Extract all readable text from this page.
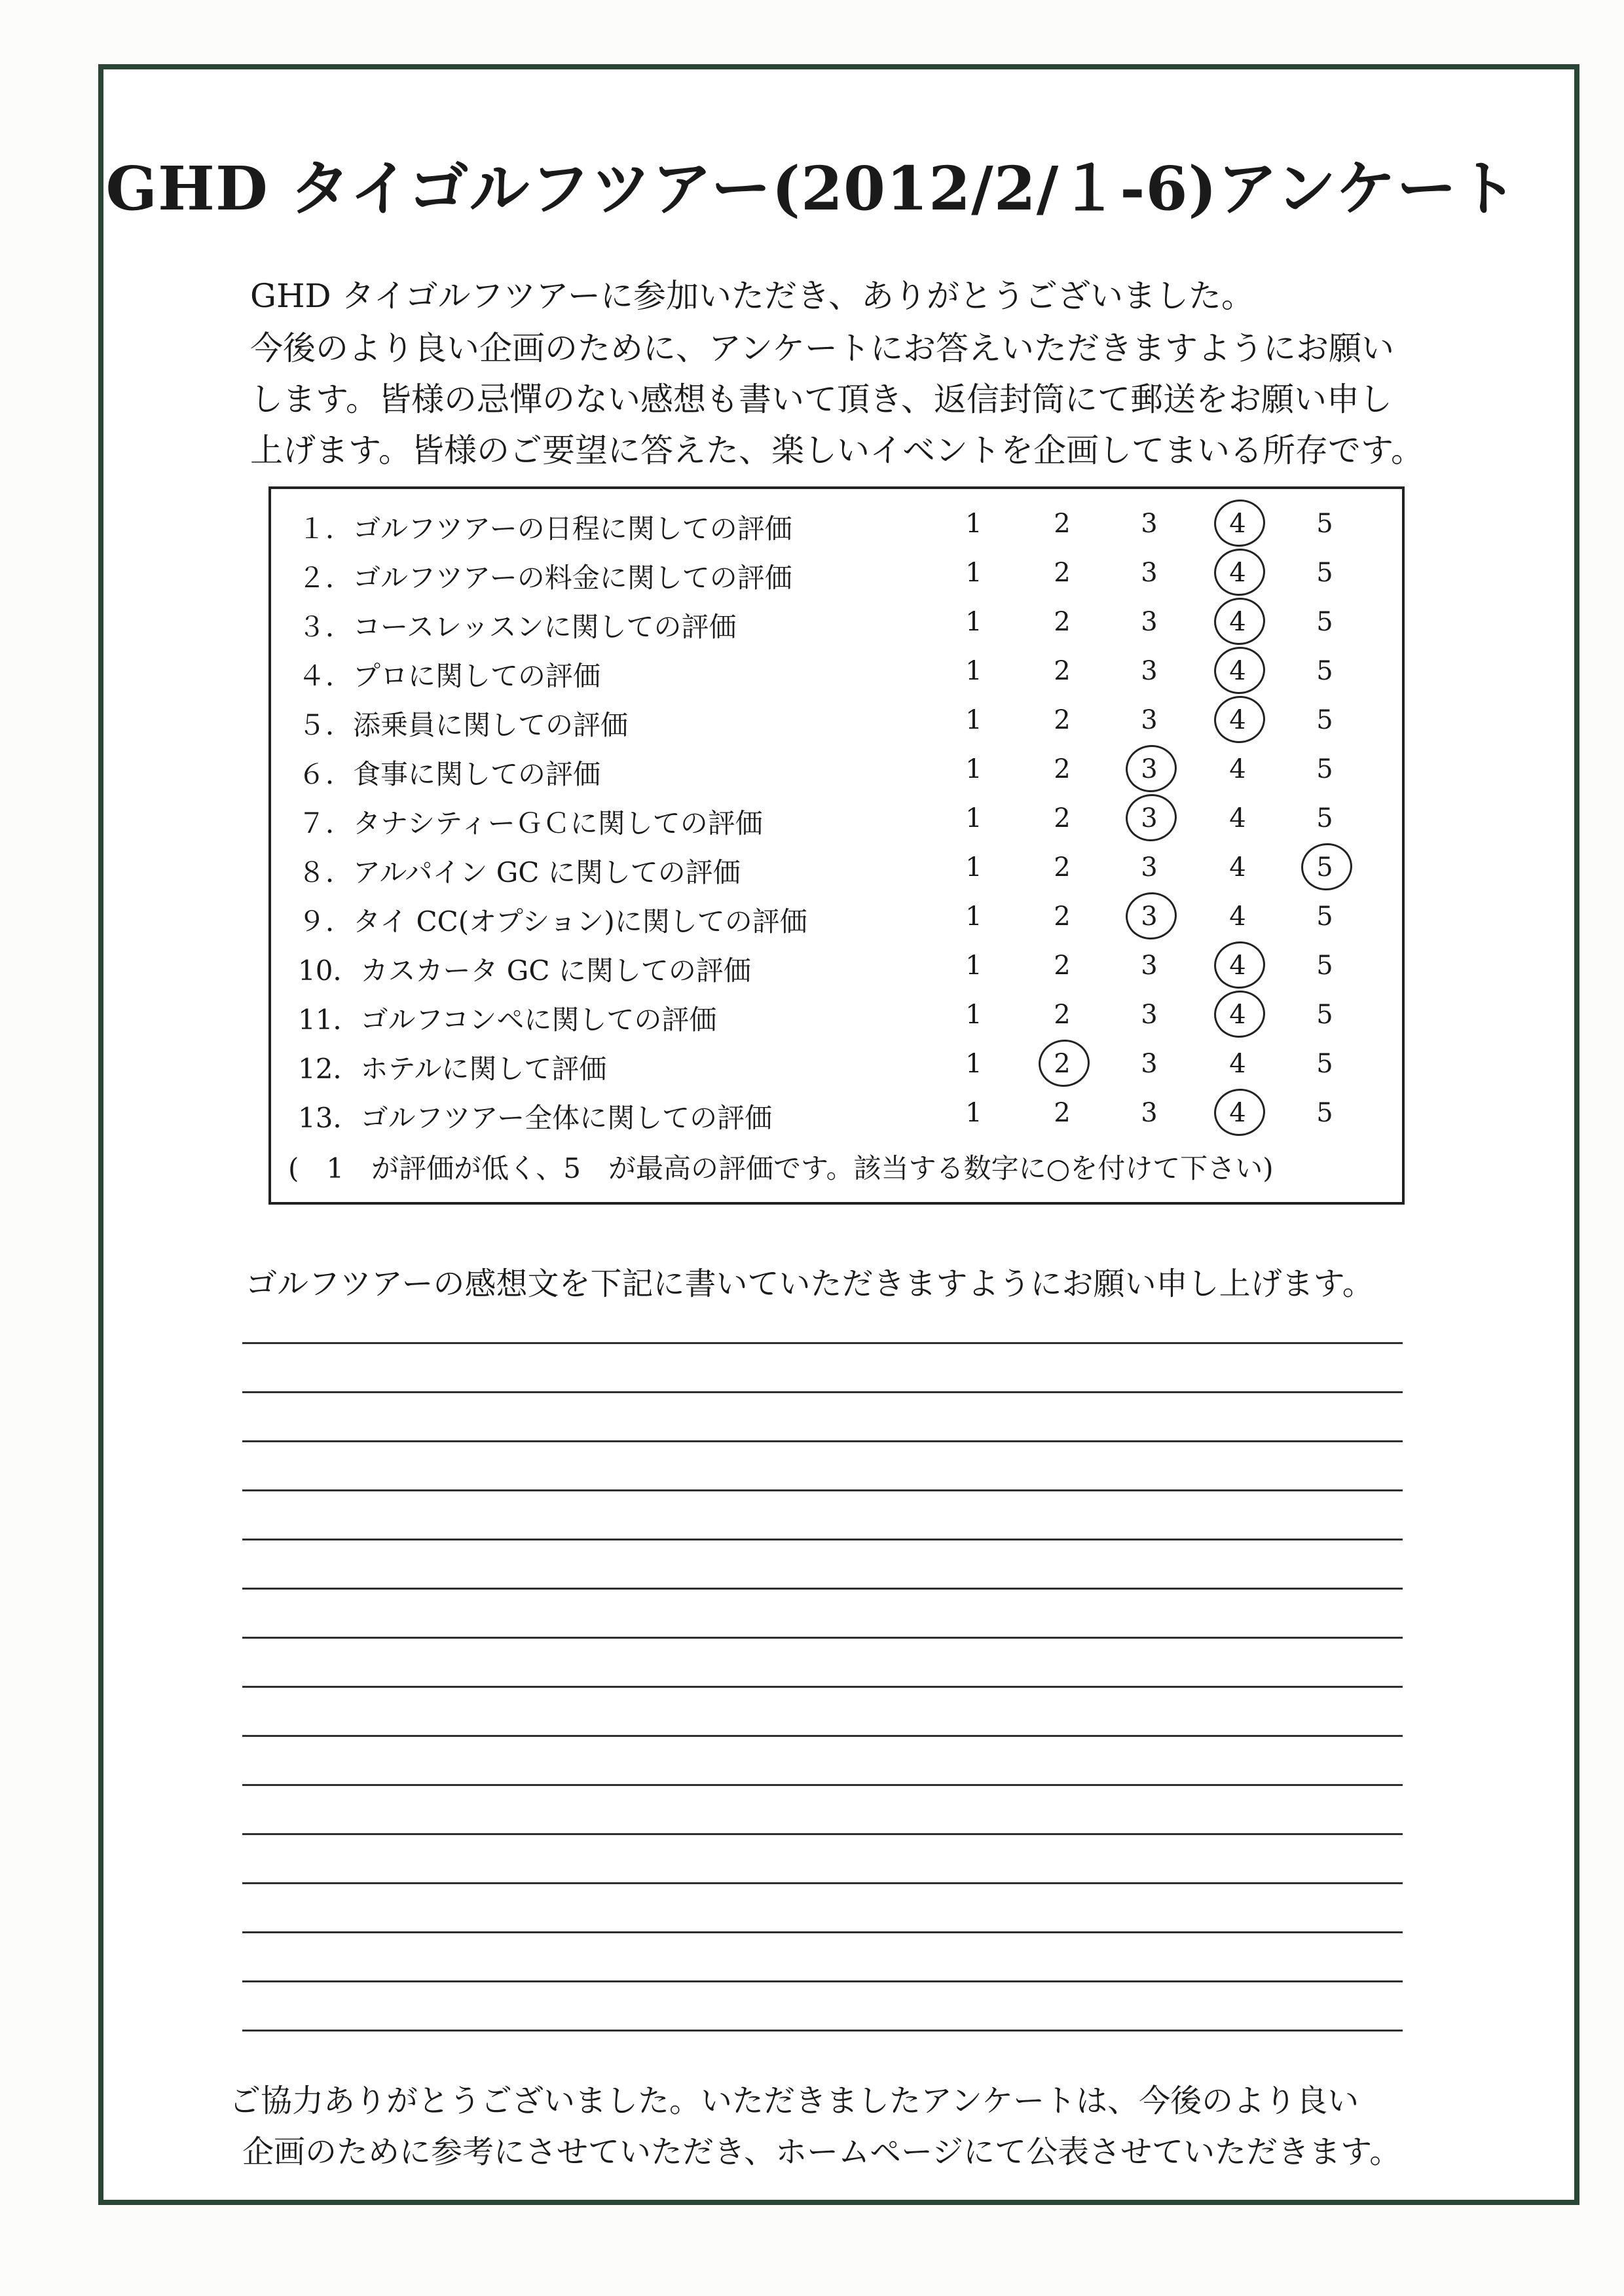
GHD タイゴルフツアー(2012/2/１-6)アンケート
GHD タイゴルフツアーに参加いただき、ありがとうございました。
今後のより良い企画のために、アンケートにお答えいただきますようにお願い
します。皆様の忌憚のない感想も書いて頂き、返信封筒にて郵送をお願い申し
上げます。皆様のご要望に答えた、楽しいイベントを企画してまいる所存です。
１．ゴルフツアーの日程に関しての評価	1	2	3	4	5
２．ゴルフツアーの料金に関しての評価	1	2	3	4	5
３．コースレッスンに関しての評価	1	2	3	4	5
４．プロに関しての評価	1	2	3	4	5
５．添乗員に関しての評価	1	2	3	4	5
６．食事に関しての評価	1	2	3	4	5
７．タナシティーＧＣに関しての評価	1	2	3	4	5
８．アルパイン GC に関しての評価	1	2	3	4	5
９．タイ CC(オプション)に関しての評価	1	2	3	4	5
10．カスカータ GC に関しての評価	1	2	3	4	5
11．ゴルフコンペに関しての評価	1	2	3	4	5
12．ホテルに関して評価	1	2	3	4	5
13．ゴルフツアー全体に関しての評価	1	2	3	4	5
(　1　が評価が低く、5　が最高の評価です。該当する数字に○を付けて下さい)
ゴルフツアーの感想文を下記に書いていただきますようにお願い申し上げます。
ご協力ありがとうございました。いただきましたアンケートは、今後のより良い
企画のために参考にさせていただき、ホームページにて公表させていただきます。
